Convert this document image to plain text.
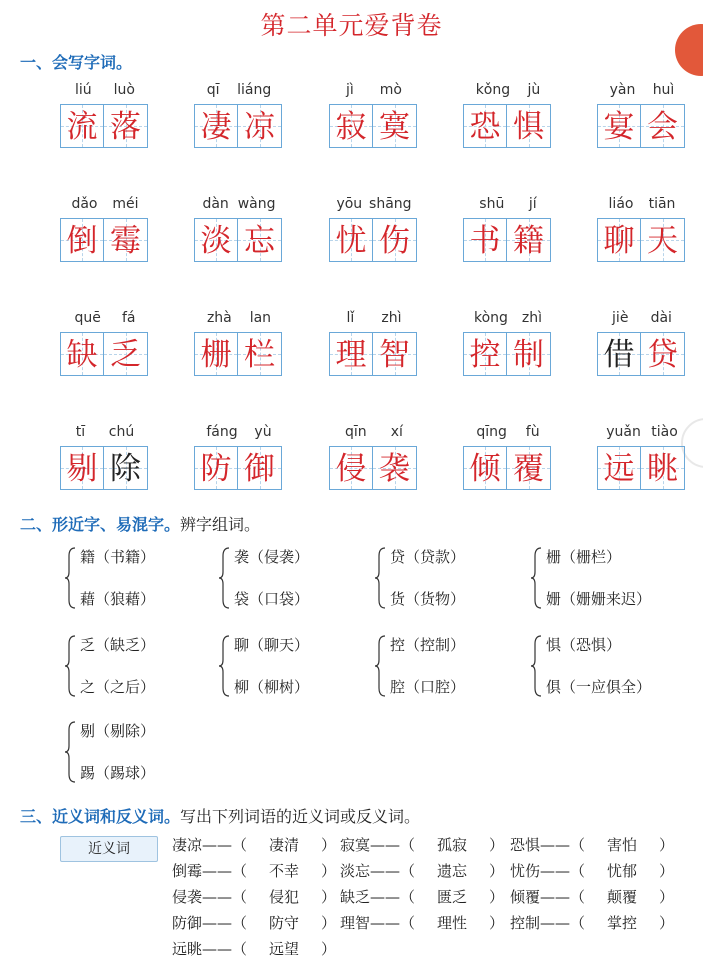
第二单元爱背卷
一、会写字词。
liú luò
流 落
qī liáng
凄 凉
jì mò
寂 寞
kǒng jù
恐 惧
yàn huì
宴 会
dǎo méi
倒 霉
dàn wàng
淡 忘
yōu shāng
忧 伤
shū jí
书 籍
liáo tiān
聊 天
quē fá
缺 乏
zhà lan
栅 栏
lǐ zhì
理 智
kòng zhì
控 制
jiè dài
借 贷
tī chú
剔 除
fáng yù
防 御
qīn xí
侵 袭
qīng fù
倾 覆
yuǎn tiào
远 眺
二、形近字、易混字。辨字组词。
籍（书籍）
藉（狼藉）
袭（侵袭）
袋（口袋）
贷（贷款）
货（货物）
栅（栅栏）
姗（姗姗来迟）
乏（缺乏）
之（之后）
聊（聊天）
柳（柳树）
控（控制）
腔（口腔）
惧（恐惧）
俱（一应俱全）
剔（剔除）
踢（踢球）
三、近义词和反义词。写出下列词语的近义词或反义词。
近义词	凄凉——（ 凄清 ） 寂寞——（ 孤寂 ） 恐惧——（ 害怕 ）
倒霉——（ 不幸 ） 淡忘——（ 遗忘 ） 忧伤——（ 忧郁 ）
侵袭——（ 侵犯 ） 缺乏——（ 匮乏 ） 倾覆——（ 颠覆 ）
防御——（ 防守 ） 理智——（ 理性 ） 控制——（ 掌控 ）
远眺——（ 远望 ）
